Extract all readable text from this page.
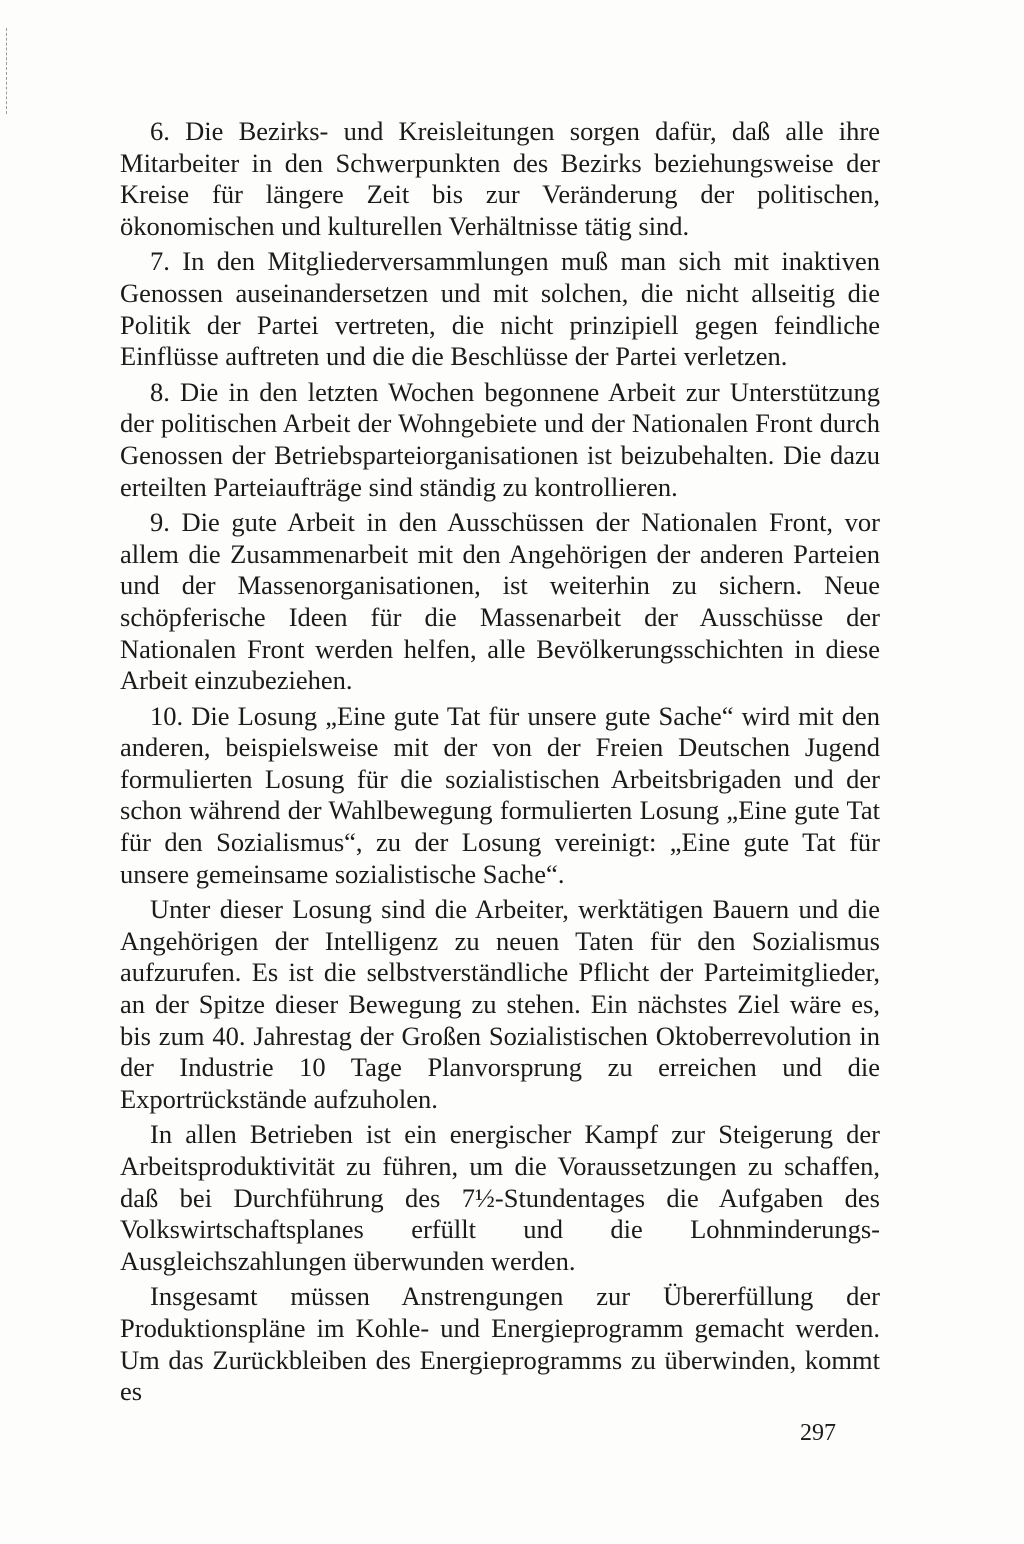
6. Die Bezirks- und Kreisleitungen sorgen dafür, daß alle ihre Mitarbeiter in den Schwerpunkten des Bezirks beziehungsweise der Kreise für längere Zeit bis zur Veränderung der politischen, ökonomischen und kulturellen Verhältnisse tätig sind.

7. In den Mitgliederversammlungen muß man sich mit inaktiven Genossen auseinandersetzen und mit solchen, die nicht allseitig die Politik der Partei vertreten, die nicht prinzipiell gegen feindliche Einflüsse auftreten und die die Beschlüsse der Partei verletzen.

8. Die in den letzten Wochen begonnene Arbeit zur Unterstützung der politischen Arbeit der Wohngebiete und der Nationalen Front durch Genossen der Betriebsparteiorganisationen ist beizubehalten. Die dazu erteilten Parteiaufträge sind ständig zu kontrollieren.

9. Die gute Arbeit in den Ausschüssen der Nationalen Front, vor allem die Zusammenarbeit mit den Angehörigen der anderen Parteien und der Massenorganisationen, ist weiterhin zu sichern. Neue schöpferische Ideen für die Massenarbeit der Ausschüsse der Nationalen Front werden helfen, alle Bevölkerungsschichten in diese Arbeit einzubeziehen.

10. Die Losung „Eine gute Tat für unsere gute Sache“ wird mit den anderen, beispielsweise mit der von der Freien Deutschen Jugend formulierten Losung für die sozialistischen Arbeitsbrigaden und der schon während der Wahlbewegung formulierten Losung „Eine gute Tat für den Sozialismus“, zu der Losung vereinigt: „Eine gute Tat für unsere gemeinsame sozialistische Sache“.

Unter dieser Losung sind die Arbeiter, werktätigen Bauern und die Angehörigen der Intelligenz zu neuen Taten für den Sozialismus aufzurufen. Es ist die selbstverständliche Pflicht der Parteimitglieder, an der Spitze dieser Bewegung zu stehen. Ein nächstes Ziel wäre es, bis zum 40. Jahrestag der Großen Sozialistischen Oktoberrevolution in der Industrie 10 Tage Planvorsprung zu erreichen und die Exportrückstände aufzuholen.

In allen Betrieben ist ein energischer Kampf zur Steigerung der Arbeitsproduktivität zu führen, um die Voraussetzungen zu schaffen, daß bei Durchführung des 7½-Stundentages die Aufgaben des Volkswirtschaftsplanes erfüllt und die Lohnminderungs-Ausgleichszahlungen überwunden werden.

Insgesamt müssen Anstrengungen zur Übererfüllung der Produktionspläne im Kohle- und Energieprogramm gemacht werden. Um das Zurückbleiben des Energieprogramms zu überwinden, kommt es

297
